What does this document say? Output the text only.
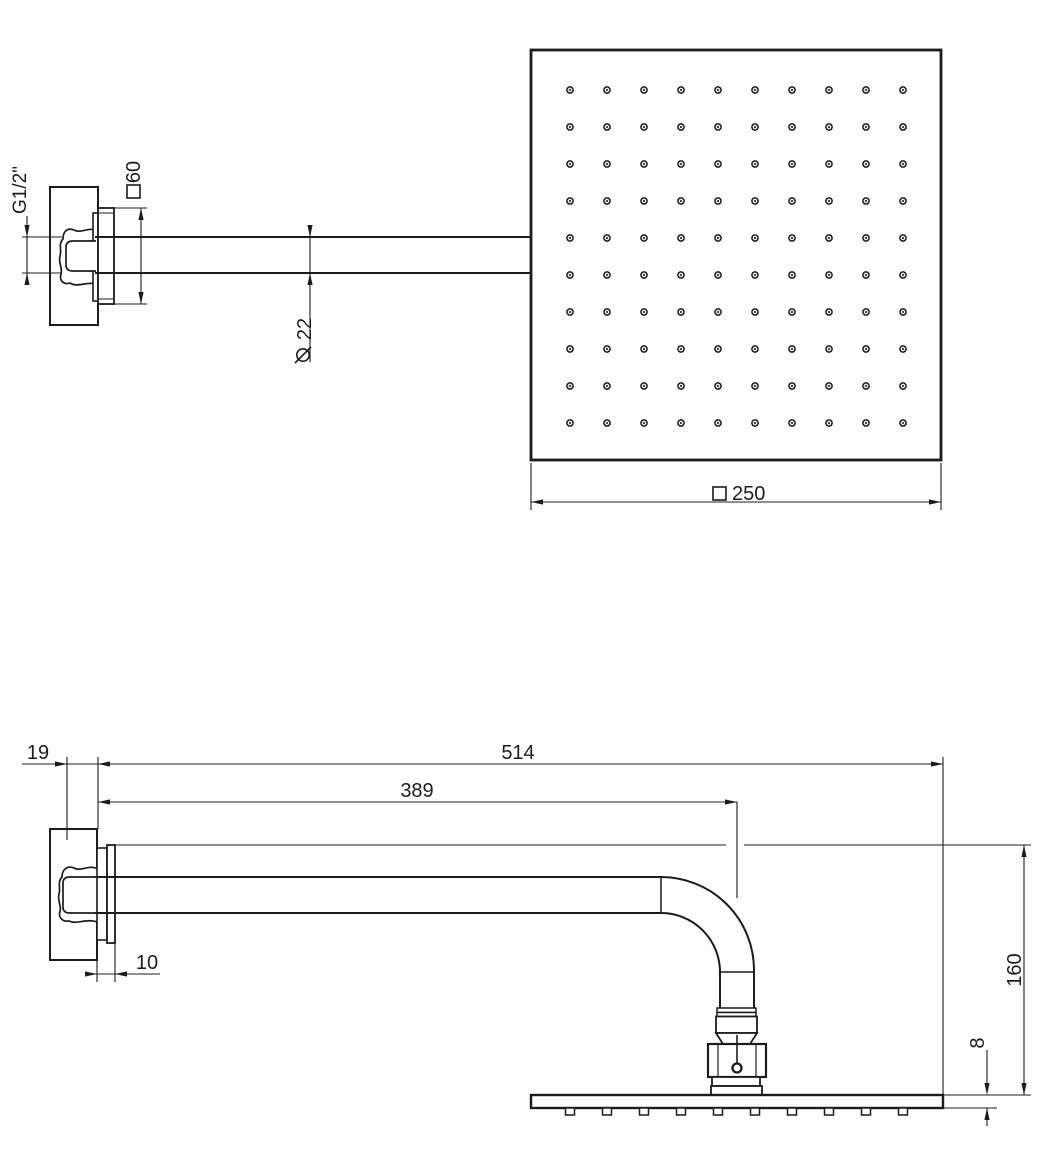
G1/2"	60
22
250
19	514
389
10	160
8
